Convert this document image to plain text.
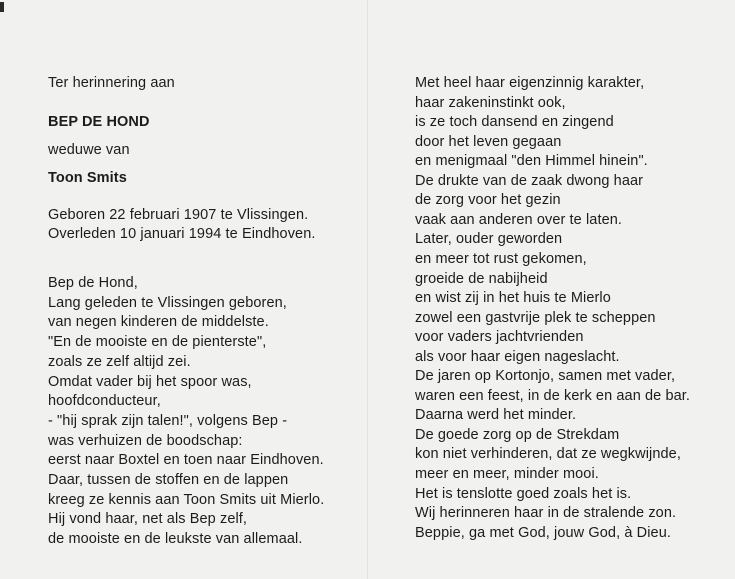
Ter herinnering aan
BEP DE HOND
weduwe van
Toon Smits
Geboren 22 februari 1907 te Vlissingen.
Overleden 10 januari 1994 te Eindhoven.
Bep de Hond,
Lang geleden te Vlissingen geboren,
van negen kinderen de middelste.
"En de mooiste en de pienterste",
zoals ze zelf altijd zei.
Omdat vader bij het spoor was,
hoofdconducteur,
- "hij sprak zijn talen!", volgens Bep -
was verhuizen de boodschap:
eerst naar Boxtel en toen naar Eindhoven.
Daar, tussen de stoffen en de lappen
kreeg ze kennis aan Toon Smits uit Mierlo.
Hij vond haar, net als Bep zelf,
de mooiste en de leukste van allemaal.
Met heel haar eigenzinnig karakter,
haar zakeninstinkt ook,
is ze toch dansend en zingend
door het leven gegaan
en menigmaal "den Himmel hinein".
De drukte van de zaak dwong haar
de zorg voor het gezin
vaak aan anderen over te laten.
Later, ouder geworden
en meer tot rust gekomen,
groeide de nabijheid
en wist zij in het huis te Mierlo
zowel een gastvrije plek te scheppen
voor vaders jachtvrienden
als voor haar eigen nageslacht.
De jaren op Kortonjo, samen met vader,
waren een feest, in de kerk en aan de bar.
Daarna werd het minder.
De goede zorg op de Strekdam
kon niet verhinderen, dat ze wegkwijnde,
meer en meer, minder mooi.
Het is tenslotte goed zoals het is.
Wij herinneren haar in de stralende zon.
Beppie, ga met God, jouw God, à Dieu.
